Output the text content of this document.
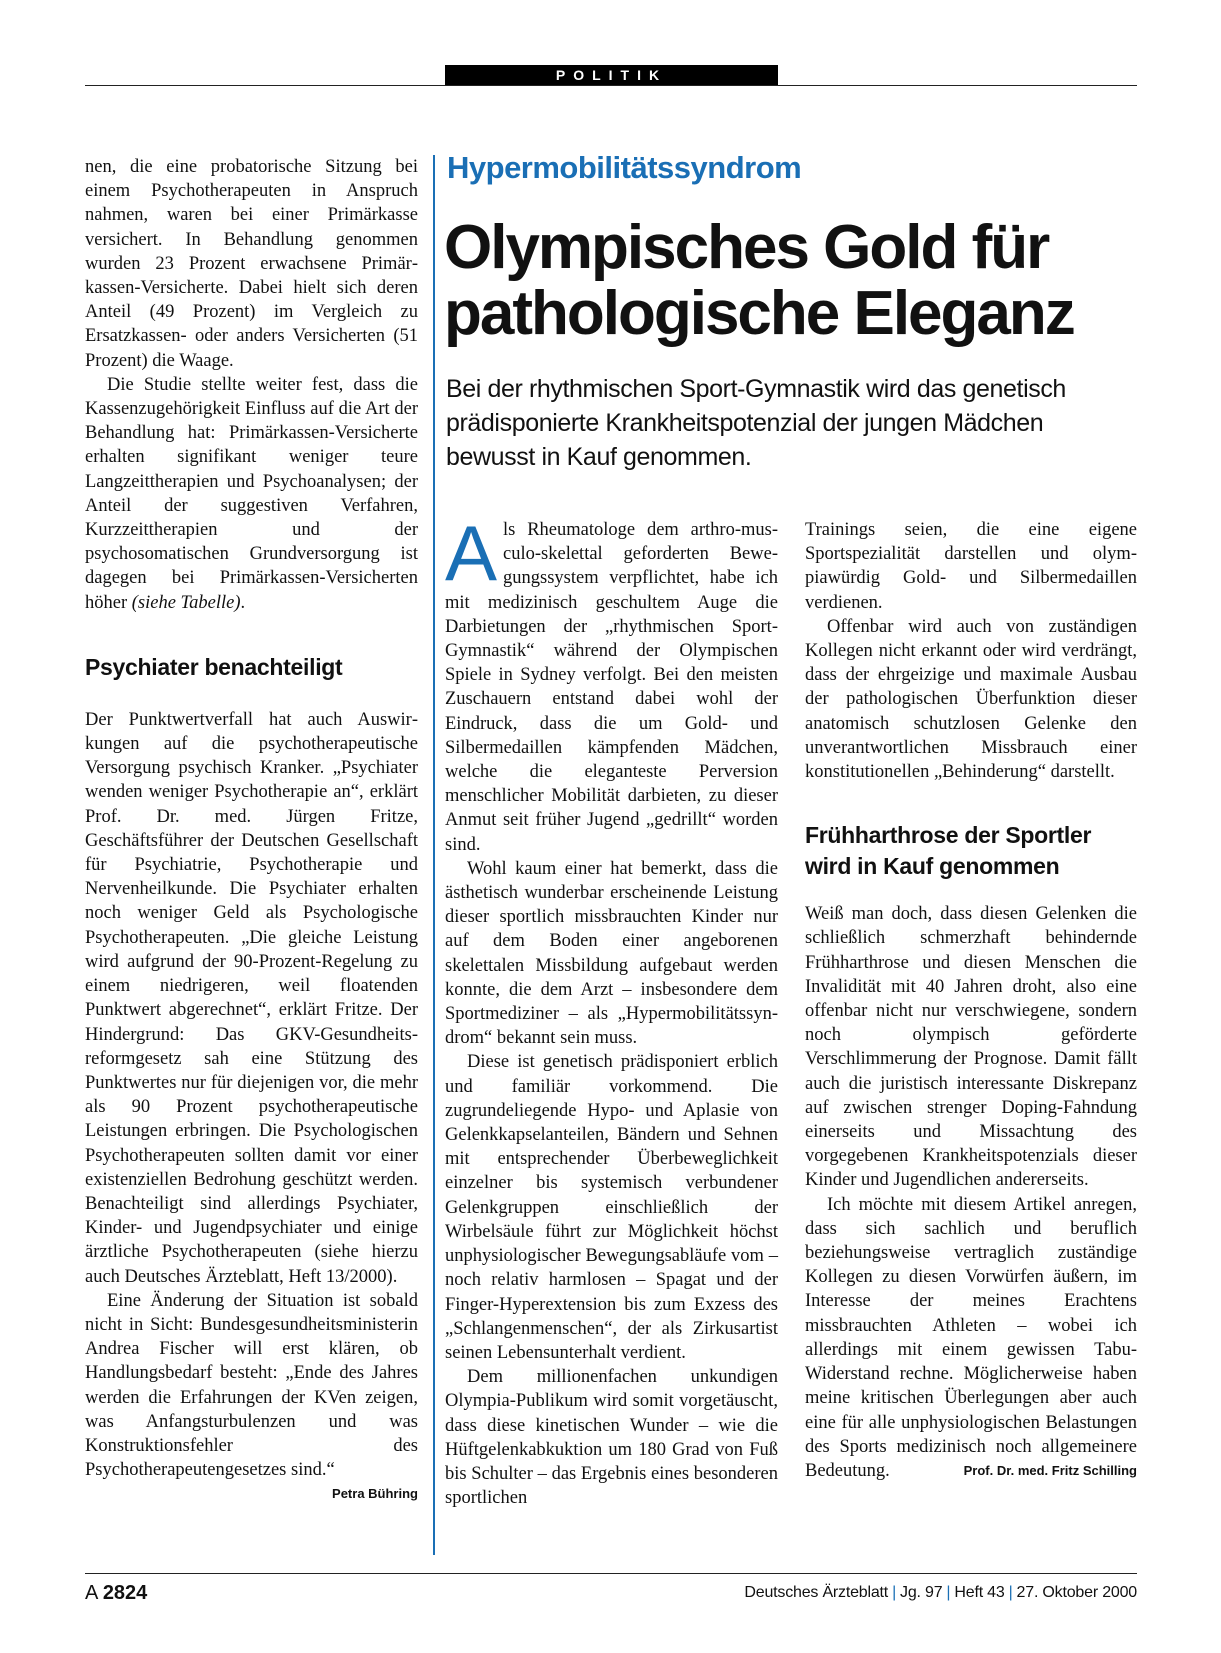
POLITIK

nen, die eine probatorische Sitzung bei einem Psychotherapeuten in Anspruch nahmen, waren bei einer Primärkasse versichert. In Behandlung genommen wurden 23 Prozent erwachsene Primärkassen-Versicherte. Dabei hielt sich deren Anteil (49 Prozent) im Vergleich zu Ersatzkassen- oder anders Versicherten (51 Prozent) die Waage.

Die Studie stellte weiter fest, dass die Kassenzugehörigkeit Einfluss auf die Art der Behandlung hat: Primärkassen-Versicherte erhalten signifikant weniger teure Langzeittherapien und Psychoanalysen; der Anteil der suggestiven Verfahren, Kurzzeittherapien und der psychosomatischen Grundversorgung ist dagegen bei Primärkassen-Versicherten höher (siehe Tabelle).

Psychiater benachteiligt

Der Punktwertverfall hat auch Auswirkungen auf die psychotherapeutische Versorgung psychisch Kranker. „Psychiater wenden weniger Psychotherapie an“, erklärt Prof. Dr. med. Jürgen Fritze, Geschäftsführer der Deutschen Gesellschaft für Psychiatrie, Psychotherapie und Nervenheilkunde. Die Psychiater erhalten noch weniger Geld als Psychologische Psychotherapeuten. „Die gleiche Leistung wird aufgrund der 90-Prozent-Regelung zu einem niedrigeren, weil floatenden Punktwert abgerechnet“, erklärt Fritze. Der Hindergrund: Das GKV-Gesundheitsreformgesetz sah eine Stützung des Punktwertes nur für diejenigen vor, die mehr als 90 Prozent psychotherapeutische Leistungen erbringen. Die Psychologischen Psychotherapeuten sollten damit vor einer existenziellen Bedrohung geschützt werden. Benachteiligt sind allerdings Psychiater, Kinder- und Jugendpsychiater und einige ärztliche Psychotherapeuten (siehe hierzu auch Deutsches Ärzteblatt, Heft 13/2000).

Eine Änderung der Situation ist sobald nicht in Sicht: Bundesgesundheitsministerin Andrea Fischer will erst klären, ob Handlungsbedarf besteht: „Ende des Jahres werden die Erfahrungen der KVen zeigen, was Anfangsturbulenzen und was Konstruktionsfehler des Psychotherapeutengesetzes sind.“
Petra Bühring

Hypermobilitätssyndrom
Olympisches Gold für
pathologische Eleganz
Bei der rhythmischen Sport-Gymnastik wird das genetisch prädisponierte Krankheitspotenzial der jungen Mädchen bewusst in Kauf genommen.

Als Rheumatologe dem arthro-musculo-skelettal geforderten Bewegungssystem verpflichtet, habe ich mit medizinisch geschultem Auge die Darbietungen der „rhythmischen Sport-Gymnastik“ während der Olympischen Spiele in Sydney verfolgt. Bei den meisten Zuschauern entstand dabei wohl der Eindruck, dass die um Gold- und Silbermedaillen kämpfenden Mädchen, welche die eleganteste Perversion menschlicher Mobilität darbieten, zu dieser Anmut seit früher Jugend „gedrillt“ worden sind.

Wohl kaum einer hat bemerkt, dass die ästhetisch wunderbar erscheinende Leistung dieser sportlich missbrauchten Kinder nur auf dem Boden einer angeborenen skelettalen Missbildung aufgebaut werden konnte, die dem Arzt – insbesondere dem Sportmediziner – als „Hypermobilitätssyndrom“ bekannt sein muss.

Diese ist genetisch prädisponiert erblich und familiär vorkommend. Die zugrundeliegende Hypo- und Aplasie von Gelenkkapselanteilen, Bändern und Sehnen mit entsprechender Überbeweglichkeit einzelner bis systemisch verbundener Gelenkgruppen einschließlich der Wirbelsäule führt zur Möglichkeit höchst unphysiologischer Bewegungsabläufe vom – noch relativ harmlosen – Spagat und der Finger-Hyperextension bis zum Exzess des „Schlangenmenschen“, der als Zirkusartist seinen Lebensunterhalt verdient.

Dem millionenfachen unkundigen Olympia-Publikum wird somit vorgetäuscht, dass diese kinetischen Wunder – wie die Hüftgelenkabkuktion um 180 Grad von Fuß bis Schulter – das Ergebnis eines besonderen sportlichen

Trainings seien, die eine eigene Sportspezialität darstellen und olympiawürdig Gold- und Silbermedaillen verdienen.

Offenbar wird auch von zuständigen Kollegen nicht erkannt oder wird verdrängt, dass der ehrgeizige und maximale Ausbau der pathologischen Überfunktion dieser anatomisch schutzlosen Gelenke den unverantwortlichen Missbrauch einer konstitutionellen „Behinderung“ darstellt.

Frühharthrose der Sportler
wird in Kauf genommen

Weiß man doch, dass diesen Gelenken die schließlich schmerzhaft behindernde Frühharthrose und diesen Menschen die Invalidität mit 40 Jahren droht, also eine offenbar nicht nur verschwiegene, sondern noch olympisch geförderte Verschlimmerung der Prognose. Damit fällt auch die juristisch interessante Diskrepanz auf zwischen strenger Doping-Fahndung einerseits und Missachtung des vorgegebenen Krankheitspotenzials dieser Kinder und Jugendlichen andererseits.

Ich möchte mit diesem Artikel anregen, dass sich sachlich und beruflich beziehungsweise vertraglich zuständige Kollegen zu diesen Vorwürfen äußern, im Interesse der meines Erachtens missbrauchten Athleten – wobei ich allerdings mit einem gewissen Tabu-Widerstand rechne. Möglicherweise haben meine kritischen Überlegungen aber auch eine für alle unphysiologischen Belastungen des Sports medizinisch noch allgemeinere Bedeutung.	Prof. Dr. med. Fritz Schilling

A 2824	Deutsches Ärzteblatt | Jg. 97 | Heft 43 | 27. Oktober 2000
